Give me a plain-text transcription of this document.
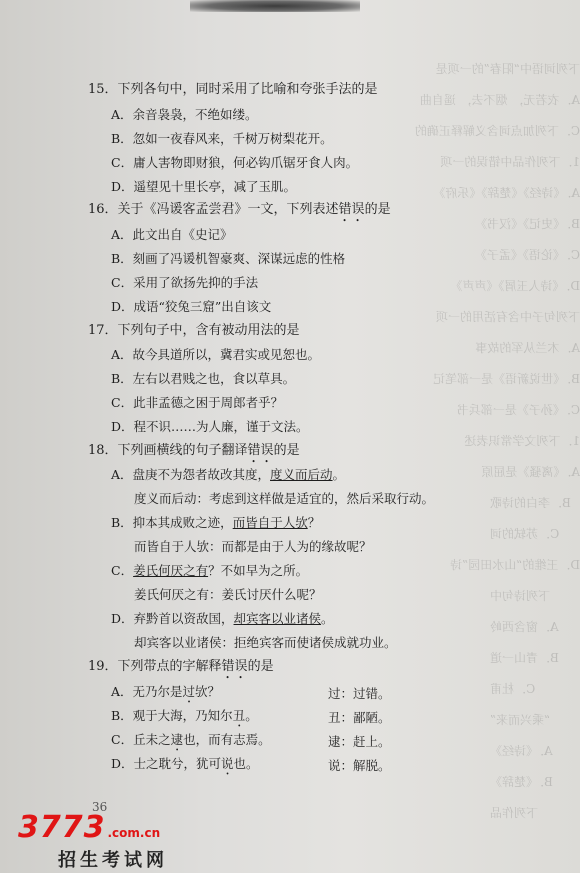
下列词语中“阳春”的一项是
A．衣若无， 烟不去， 遥自曲
C．下列加点词含义解释正确的
1．下列作品中错误的一项
A．《诗经》《楚辞》《乐府》
B．《史记》《汉书》
C．《论语》《孟子》
D．《诗人玉屑》《声声》
下列句子中含有活用的一项
A．木兰从军的故事
B．《世说新语》是一部笔记
C．《孙子》是一部兵书
1．下列文学常识表述
A．《离骚》是屈原
B．李白的诗歌
C．苏轼的词
D．王维的“山水田园”诗
下列诗句中
A．窗含西岭
B．青山一道
C．杜甫
“乘兴而来”
A．《诗经》
B．《楚辞》
下列作品
15．下列各句中，同时采用了比喻和夸张手法的是
A．余音袅袅，不绝如缕。
B．忽如一夜春风来，千树万树梨花开。
C．庸人害物即财狼，何必钩爪锯牙食人肉。
D．遥望见十里长亭，减了玉肌。
16．关于《冯谖客孟尝君》一文，下列表述错误的是
A．此文出自《史记》
B．刻画了冯谖机智豪爽、深谋远虑的性格
C．采用了欲扬先抑的手法
D．成语“狡兔三窟”出自该文
17．下列句子中，含有被动用法的是
A．故今具道所以，冀君实或见恕也。
B．左右以君贱之也，食以草具。
C．此非孟德之困于周郎者乎？
D．程不识……为人廉，谨于文法。
18．下列画横线的句子翻译错误的是
A．盘庚不为怨者故改其度，度义而后动。
度义而后动：考虑到这样做是适宜的，然后采取行动。
B．抑本其成败之迹，而皆自于人欤？
而皆自于人欤：而都是由于人为的缘故呢？
C．姜氏何厌之有？不如早为之所。
姜氏何厌之有：姜氏讨厌什么呢？
D．弃黔首以资敌国，却宾客以业诸侯。
却宾客以业诸侯：拒绝宾客而使诸侯成就功业。
19．下列带点的字解释错误的是
A．无乃尔是过欤？	过：过错。
B．观于大海，乃知尔丑。	丑：鄙陋。
C．丘未之逮也，而有志焉。	逮：赶上。
D．士之耽兮，犹可说也。	说：解脱。
36
3773 .com.cn
招生考试网
